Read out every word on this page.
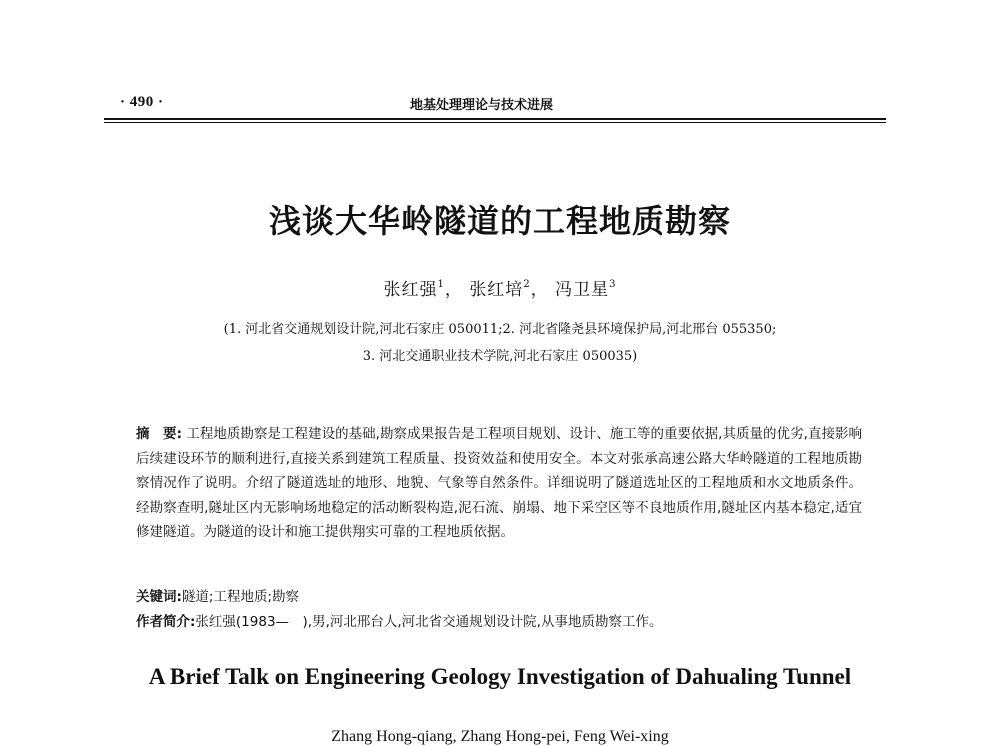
· 490 ·	地基处理理论与技术进展
浅谈大华岭隧道的工程地质勘察
张红强$^1$， 张红培$^2$， 冯卫星$^3$
(1. 河北省交通规划设计院,河北石家庄 050011;2. 河北省隆尧县环境保护局,河北邢台 055350;
3. 河北交通职业技术学院,河北石家庄 050035)
摘　要: 工程地质勘察是工程建设的基础,勘察成果报告是工程项目规划、设计、施工等的重要依据,其质量的优劣,直接影响后续建设环节的顺利进行,直接关系到建筑工程质量、投资效益和使用安全。本文对张承高速公路大华岭隧道的工程地质勘察情况作了说明。介绍了隧道选址的地形、地貌、气象等自然条件。详细说明了隧道选址区的工程地质和水文地质条件。经勘察查明,隧址区内无影响场地稳定的活动断裂构造,泥石流、崩塌、地下采空区等不良地质作用,隧址区内基本稳定,适宜修建隧道。为隧道的设计和施工提供翔实可靠的工程地质依据。
关键词:隧道;工程地质;勘察
作者简介:张红强(1983—　),男,河北邢台人,河北省交通规划设计院,从事地质勘察工作。
A Brief Talk on Engineering Geology Investigation of Dahualing Tunnel
Zhang Hong-qiang, Zhang Hong-pei, Feng Wei-xing
